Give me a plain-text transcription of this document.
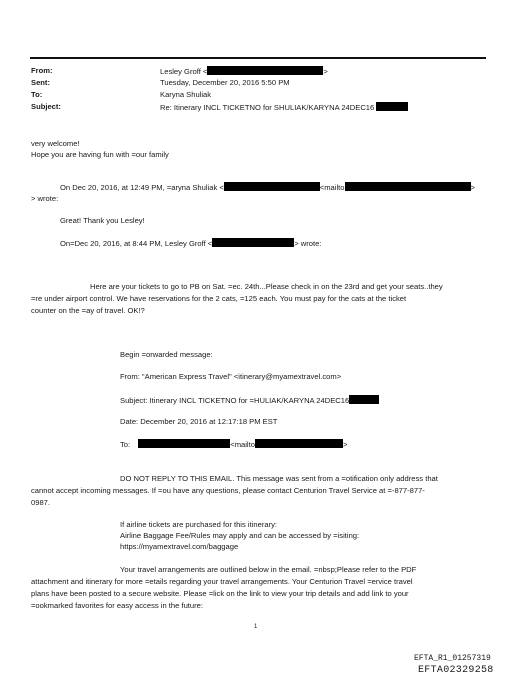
From:	Lesley Groff <	>
Sent:	Tuesday, December 20, 2016 5:50 PM
To:	Karyna Shuliak
Subject:	Re: Itinerary INCL TICKETNO for SHULIAK/KARYNA 24DEC16
very welcome!
Hope you are having fun with =our family
On Dec 20, 2016, at 12:49 PM, =aryna Shuliak <	<mailto	>
> wrote:
Great! Thank you Lesley!
On=Dec 20, 2016, at 8:44 PM, Lesley Groff <	> wrote:
Here are your tickets to go to PB on Sat. =ec. 24th...Please check in on the 23rd and get your seats..they
=re under airport control. We have reservations for the 2 cats, =125 each. You must pay for the cats at the ticket
counter on the =ay of travel. OK!?
Begin =orwarded message:
From: "American Express Travel" <itinerary@myamextravel.com>
Subject: Itinerary INCL TICKETNO for =HULIAK/KARYNA 24DEC16
Date: December 20, 2016 at 12:17:18 PM EST
To:	<mailto	>
DO NOT REPLY TO THIS EMAIL. This message was sent from a =otification only address that
cannot accept incoming messages. If =ou have any questions, please contact Centurion Travel Service at =-877-877-
0987.
If airline tickets are purchased for this itinerary:
Airline Baggage Fee/Rules may apply and can be accessed by =isiting:
https://myamextravel.com/baggage
Your travel arrangements are outlined below in the email. =nbsp;Please refer to the PDF
attachment and itinerary for more =etails regarding your travel arrangements. Your Centurion Travel =ervice travel
plans have been posted to a secure website. Please =lick on the link to view your trip details and add link to your
=ookmarked favorites for easy access in the future:
1
EFTA_R1_01257319
EFTA02329258
